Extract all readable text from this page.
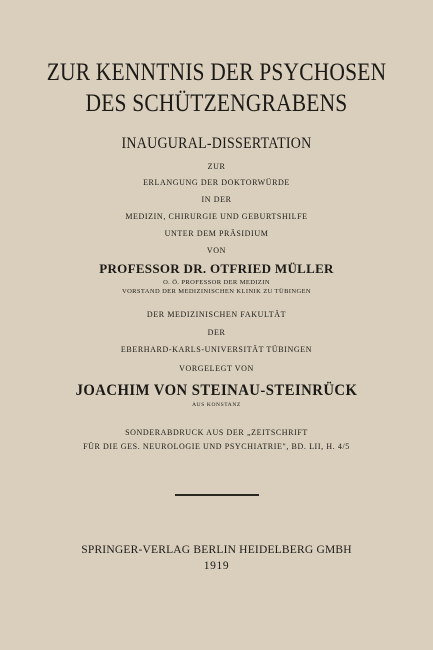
ZUR KENNTNIS DER PSYCHOSEN

DES SCHÜTZENGRABENS

INAUGURAL-DISSERTATION

ZUR

ERLANGUNG DER DOKTORWÜRDE

IN DER

MEDIZIN, CHIRURGIE UND GEBURTSHILFE

UNTER DEM PRÄSIDIUM

VON

PROFESSOR DR. OTFRIED MÜLLER

O. Ö. PROFESSOR DER MEDIZIN

VORSTAND DER MEDIZINISCHEN KLINIK ZU TÜBINGEN

DER MEDIZINISCHEN FAKULTÄT

DER

EBERHARD-KARLS-UNIVERSITÄT TÜBINGEN

VORGELEGT VON

JOACHIM VON STEINAU-STEINRÜCK

AUS KONSTANZ

SONDERABDRUCK AUS DER „ZEITSCHRIFT

FÜR DIE GES. NEUROLOGIE UND PSYCHIATRIE", BD. LII, H. 4/5

SPRINGER-VERLAG BERLIN HEIDELBERG GMBH

1919
